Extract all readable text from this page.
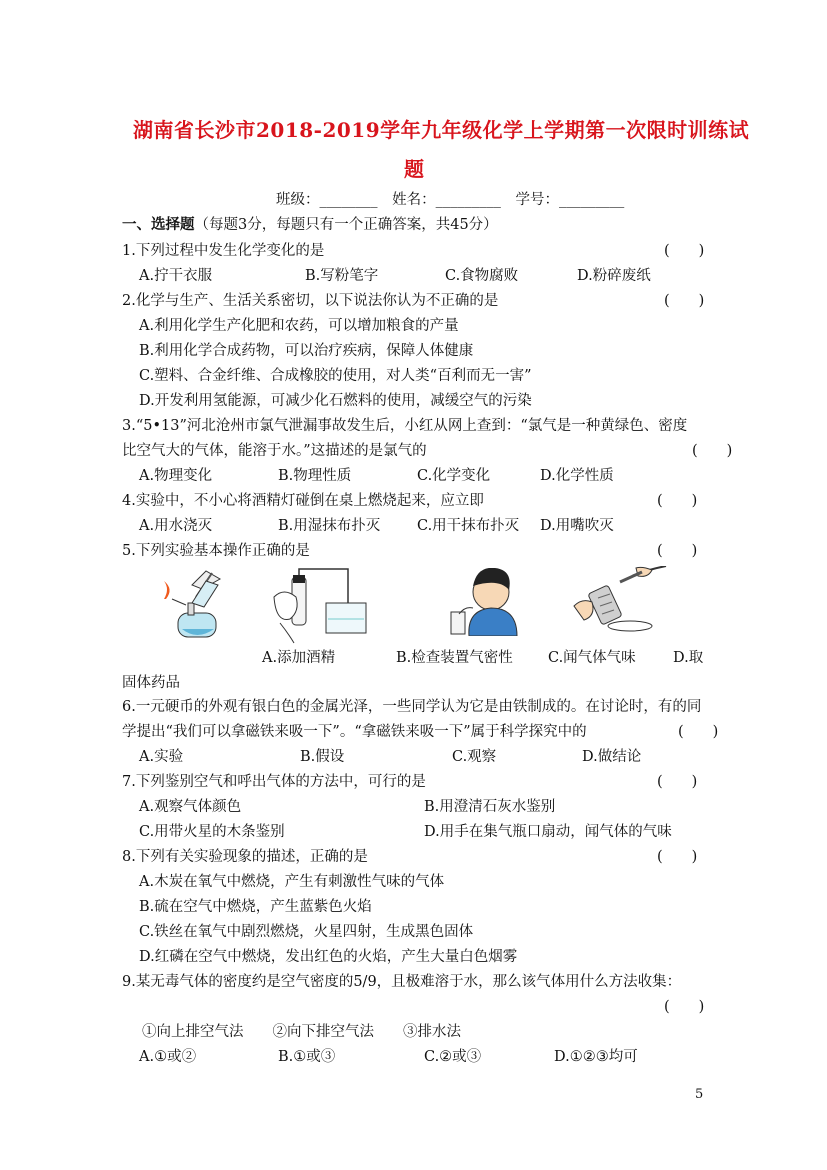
湖南省长沙市2018-2019学年九年级化学上学期第一次限时训练试
题
班级：________ 姓名：_________ 学号：_________
一、选择题（每题3分，每题只有一个正确答案，共45分）
1.下列过程中发生化学变化的是	(　　)
A.拧干衣服	B.写粉笔字	C.食物腐败	D.粉碎废纸
2.化学与生产、生活关系密切，以下说法你认为不正确的是	(　　)
A.利用化学生产化肥和农药，可以增加粮食的产量
B.利用化学合成药物，可以治疗疾病，保障人体健康
C.塑料、合金纤维、合成橡胶的使用，对人类“百利而无一害”
D.开发利用氢能源，可减少化石燃料的使用，减缓空气的污染
3.“5•13”河北沧州市氯气泄漏事故发生后，小红从网上查到：“氯气是一种黄绿色、密度
比空气大的气体，能溶于水。”这描述的是氯气的	(　　)
A.物理变化	B.物理性质	C.化学变化	D.化学性质
4.实验中，不小心将酒精灯碰倒在桌上燃烧起来，应立即	(　　)
A.用水浇灭	B.用湿抹布扑灭	C.用干抹布扑灭 D.用嘴吹灭
5.下列实验基本操作正确的是	(　　)
A.添加酒精	B.检查装置气密性 C.闻气体气味	D.取
固体药品
6.一元硬币的外观有银白色的金属光泽，一些同学认为它是由铁制成的。在讨论时，有的同
学提出“我们可以拿磁铁来吸一下”。“拿磁铁来吸一下”属于科学探究中的	(　　)
A.实验	B.假设	C.观察	D.做结论
7.下列鉴别空气和呼出气体的方法中，可行的是	(　　)
A.观察气体颜色	B.用澄清石灰水鉴别
C.用带火星的木条鉴别	D.用手在集气瓶口扇动，闻气体的气味
8.下列有关实验现象的描述，正确的是	(　　)
A.木炭在氧气中燃烧，产生有刺激性气味的气体
B.硫在空气中燃烧，产生蓝紫色火焰
C.铁丝在氧气中剧烈燃烧，火星四射，生成黑色固体
D.红磷在空气中燃烧，发出红色的火焰，产生大量白色烟雾
9.某无毒气体的密度约是空气密度的5/9，且极难溶于水，那么该气体用什么方法收集：
(　　)
①向上排空气法　　②向下排空气法　　③排水法
A.①或②	B.①或③	C.②或③	D.①②③均可
5
